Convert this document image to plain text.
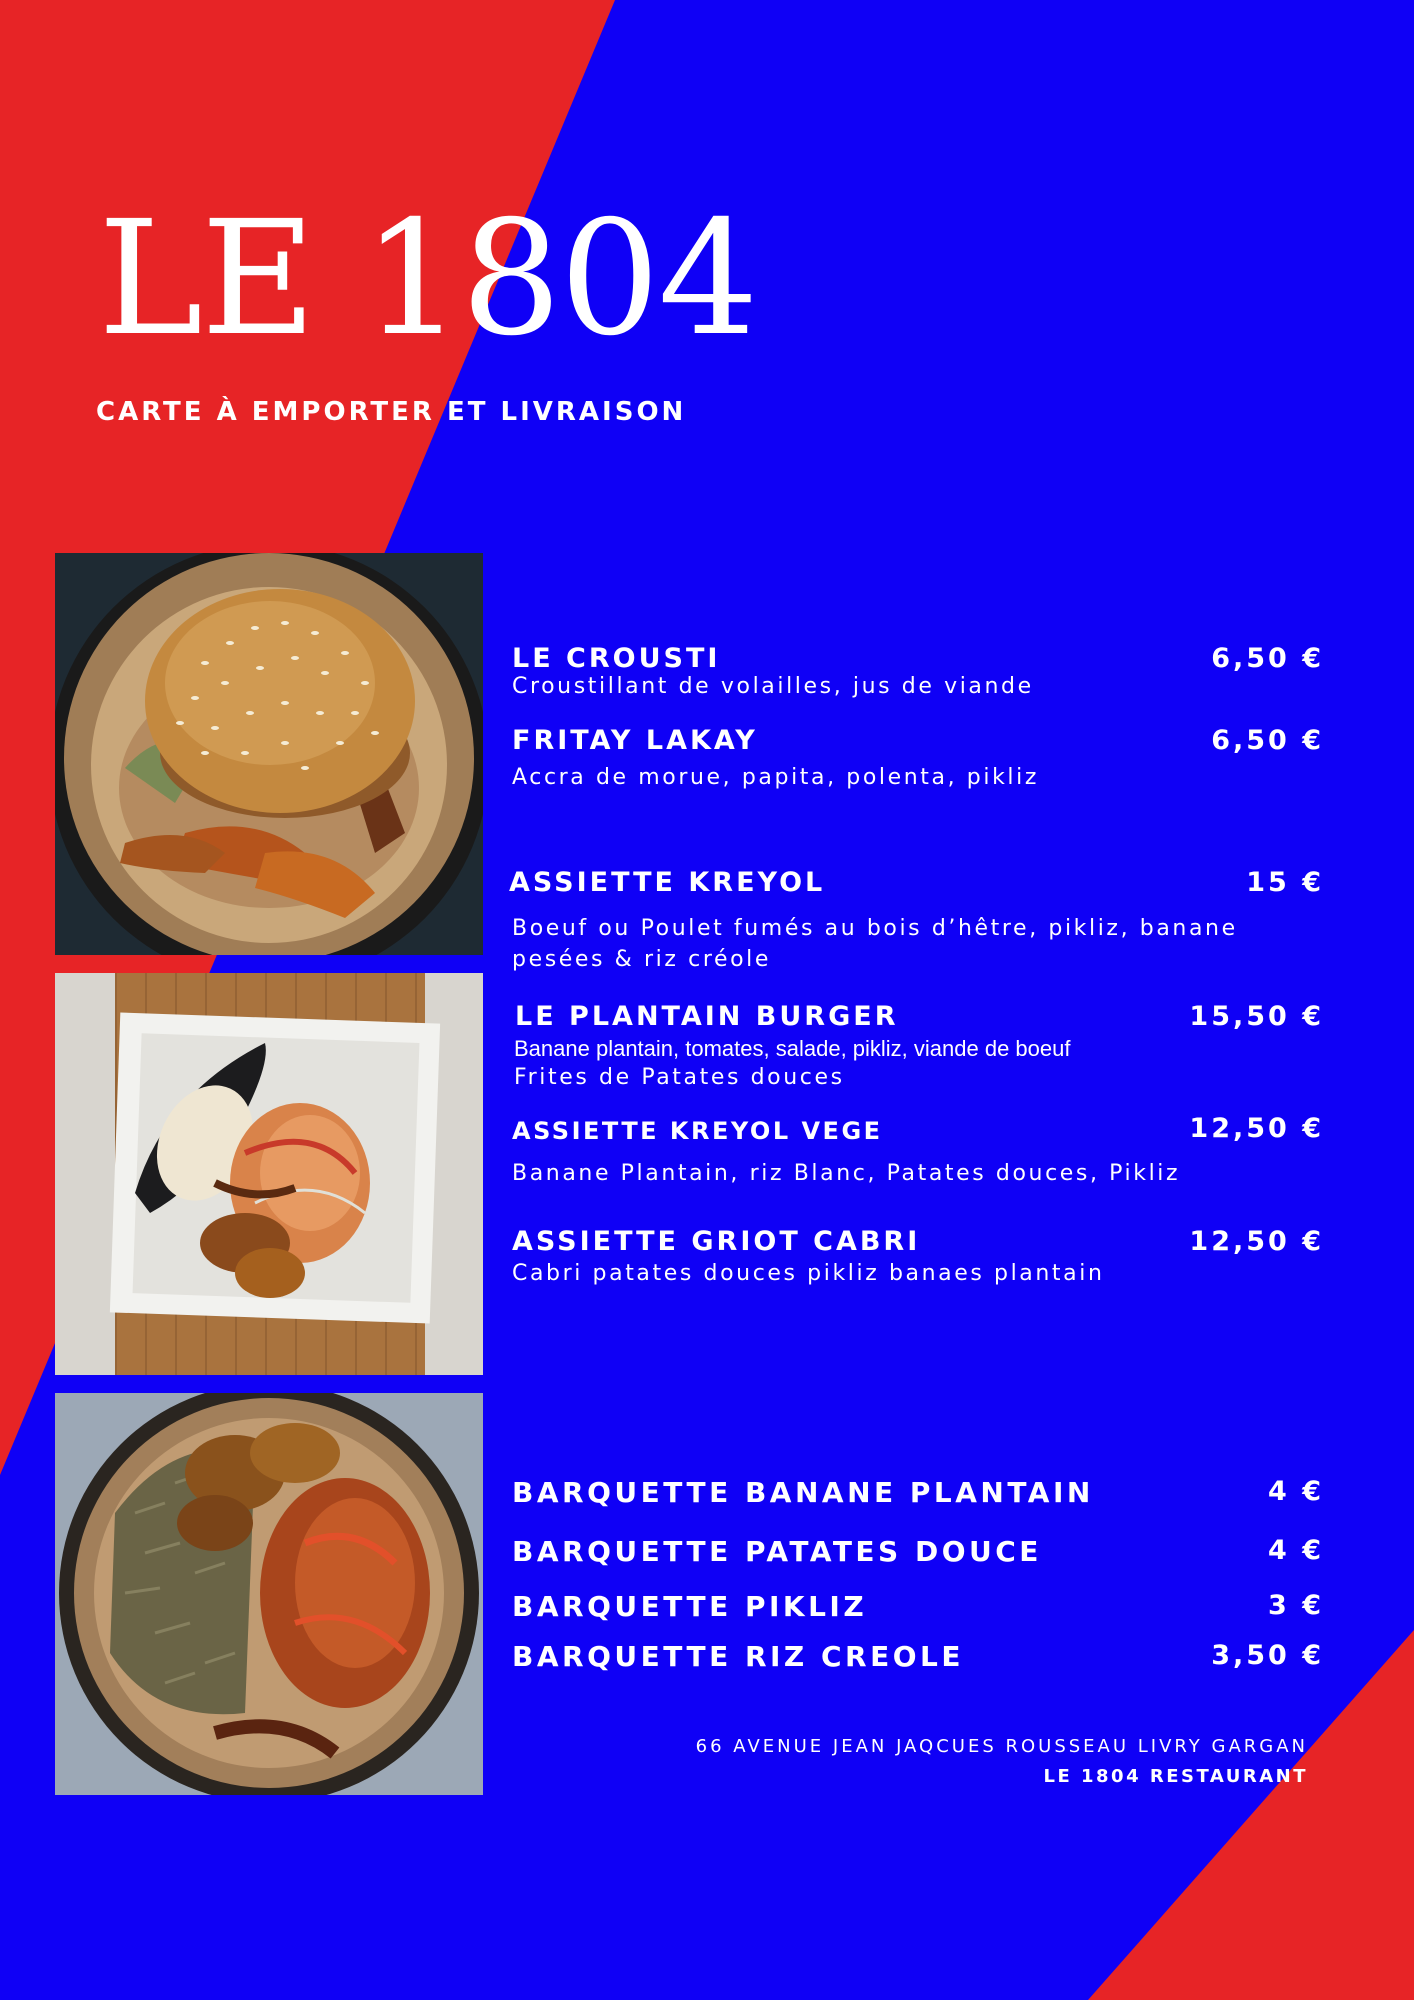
LE 1804
CARTE À EMPORTER ET LIVRAISON
LE CROUSTI	6,50 €
Croustillant de volailles, jus de viande
FRITAY LAKAY	6,50 €
Accra de morue, papita, polenta, pikliz
ASSIETTE KREYOL	15 €
Boeuf ou Poulet fumés au bois d’hêtre, pikliz, banane pesées & riz créole
LE PLANTAIN BURGER	15,50 €
Banane plantain, tomates, salade, pikliz, viande de boeuf
Frites de Patates douces
ASSIETTE KREYOL VEGE	12,50 €
Banane Plantain, riz Blanc, Patates douces, Pikliz
ASSIETTE GRIOT CABRI	12,50 €
Cabri patates douces pikliz banaes plantain
BARQUETTE BANANE PLANTAIN	4 €
BARQUETTE PATATES DOUCE	4 €
BARQUETTE PIKLIZ	3 €
BARQUETTE RIZ CREOLE	3,50 €
66 AVENUE JEAN JAQCUES ROUSSEAU LIVRY GARGAN
LE 1804 RESTAURANT
